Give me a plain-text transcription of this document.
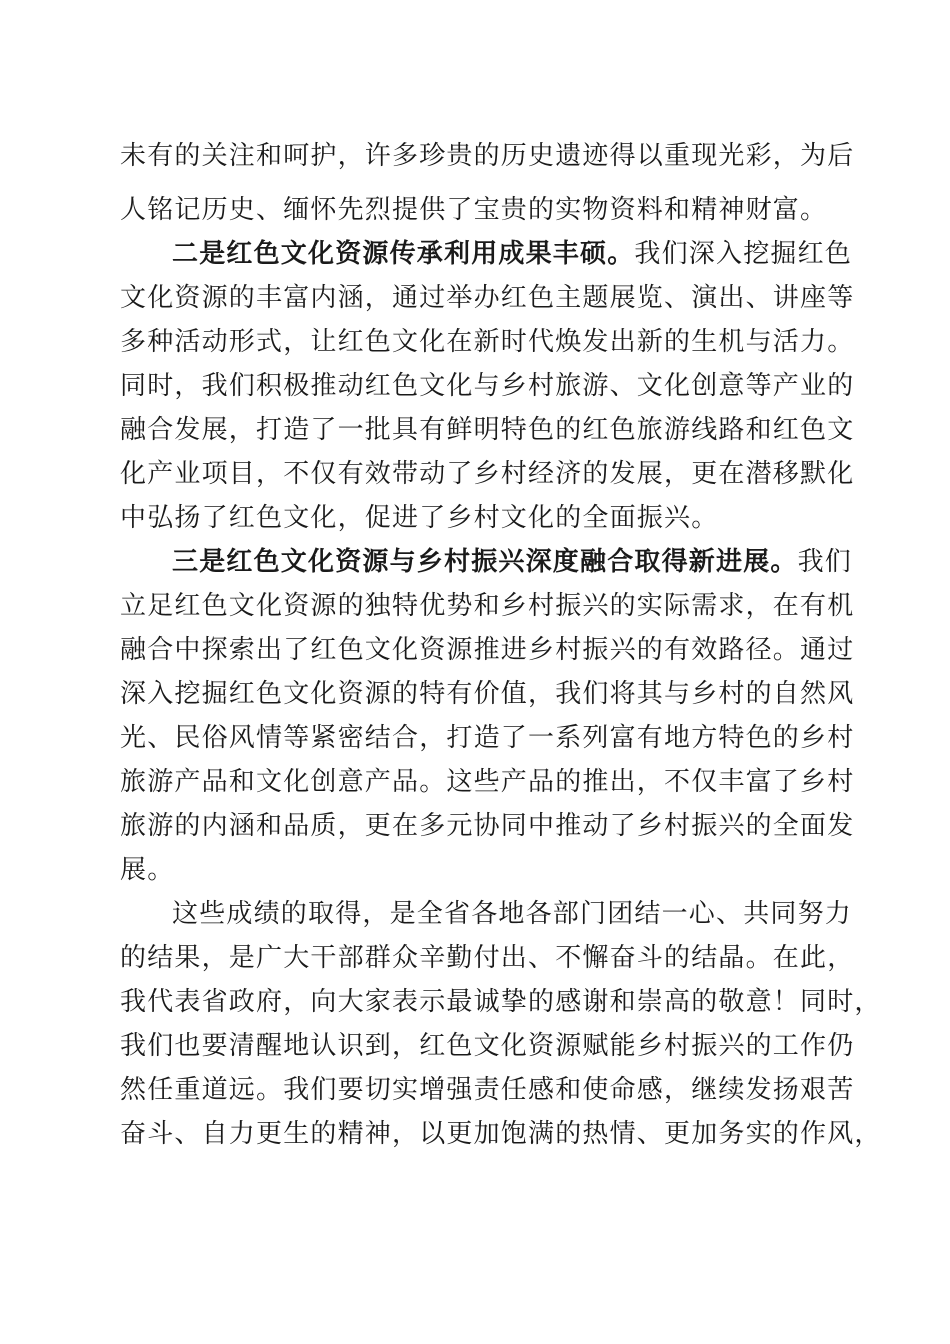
未有的关注和呵护，许多珍贵的历史遗迹得以重现光彩，为后

人铭记历史、缅怀先烈提供了宝贵的实物资料和精神财富。

二是红色文化资源传承利用成果丰硕。我们深入挖掘红色

文化资源的丰富内涵，通过举办红色主题展览、演出、讲座等

多种活动形式，让红色文化在新时代焕发出新的生机与活力。

同时，我们积极推动红色文化与乡村旅游、文化创意等产业的

融合发展，打造了一批具有鲜明特色的红色旅游线路和红色文

化产业项目，不仅有效带动了乡村经济的发展，更在潜移默化

中弘扬了红色文化，促进了乡村文化的全面振兴。

三是红色文化资源与乡村振兴深度融合取得新进展。我们

立足红色文化资源的独特优势和乡村振兴的实际需求，在有机

融合中探索出了红色文化资源推进乡村振兴的有效路径。通过

深入挖掘红色文化资源的特有价值，我们将其与乡村的自然风

光、民俗风情等紧密结合，打造了一系列富有地方特色的乡村

旅游产品和文化创意产品。这些产品的推出，不仅丰富了乡村

旅游的内涵和品质，更在多元协同中推动了乡村振兴的全面发

展。

这些成绩的取得，是全省各地各部门团结一心、共同努力

的结果，是广大干部群众辛勤付出、不懈奋斗的结晶。在此，

我代表省政府，向大家表示最诚挚的感谢和崇高的敬意！同时，

我们也要清醒地认识到，红色文化资源赋能乡村振兴的工作仍

然任重道远。我们要切实增强责任感和使命感，继续发扬艰苦

奋斗、自力更生的精神，以更加饱满的热情、更加务实的作风，
